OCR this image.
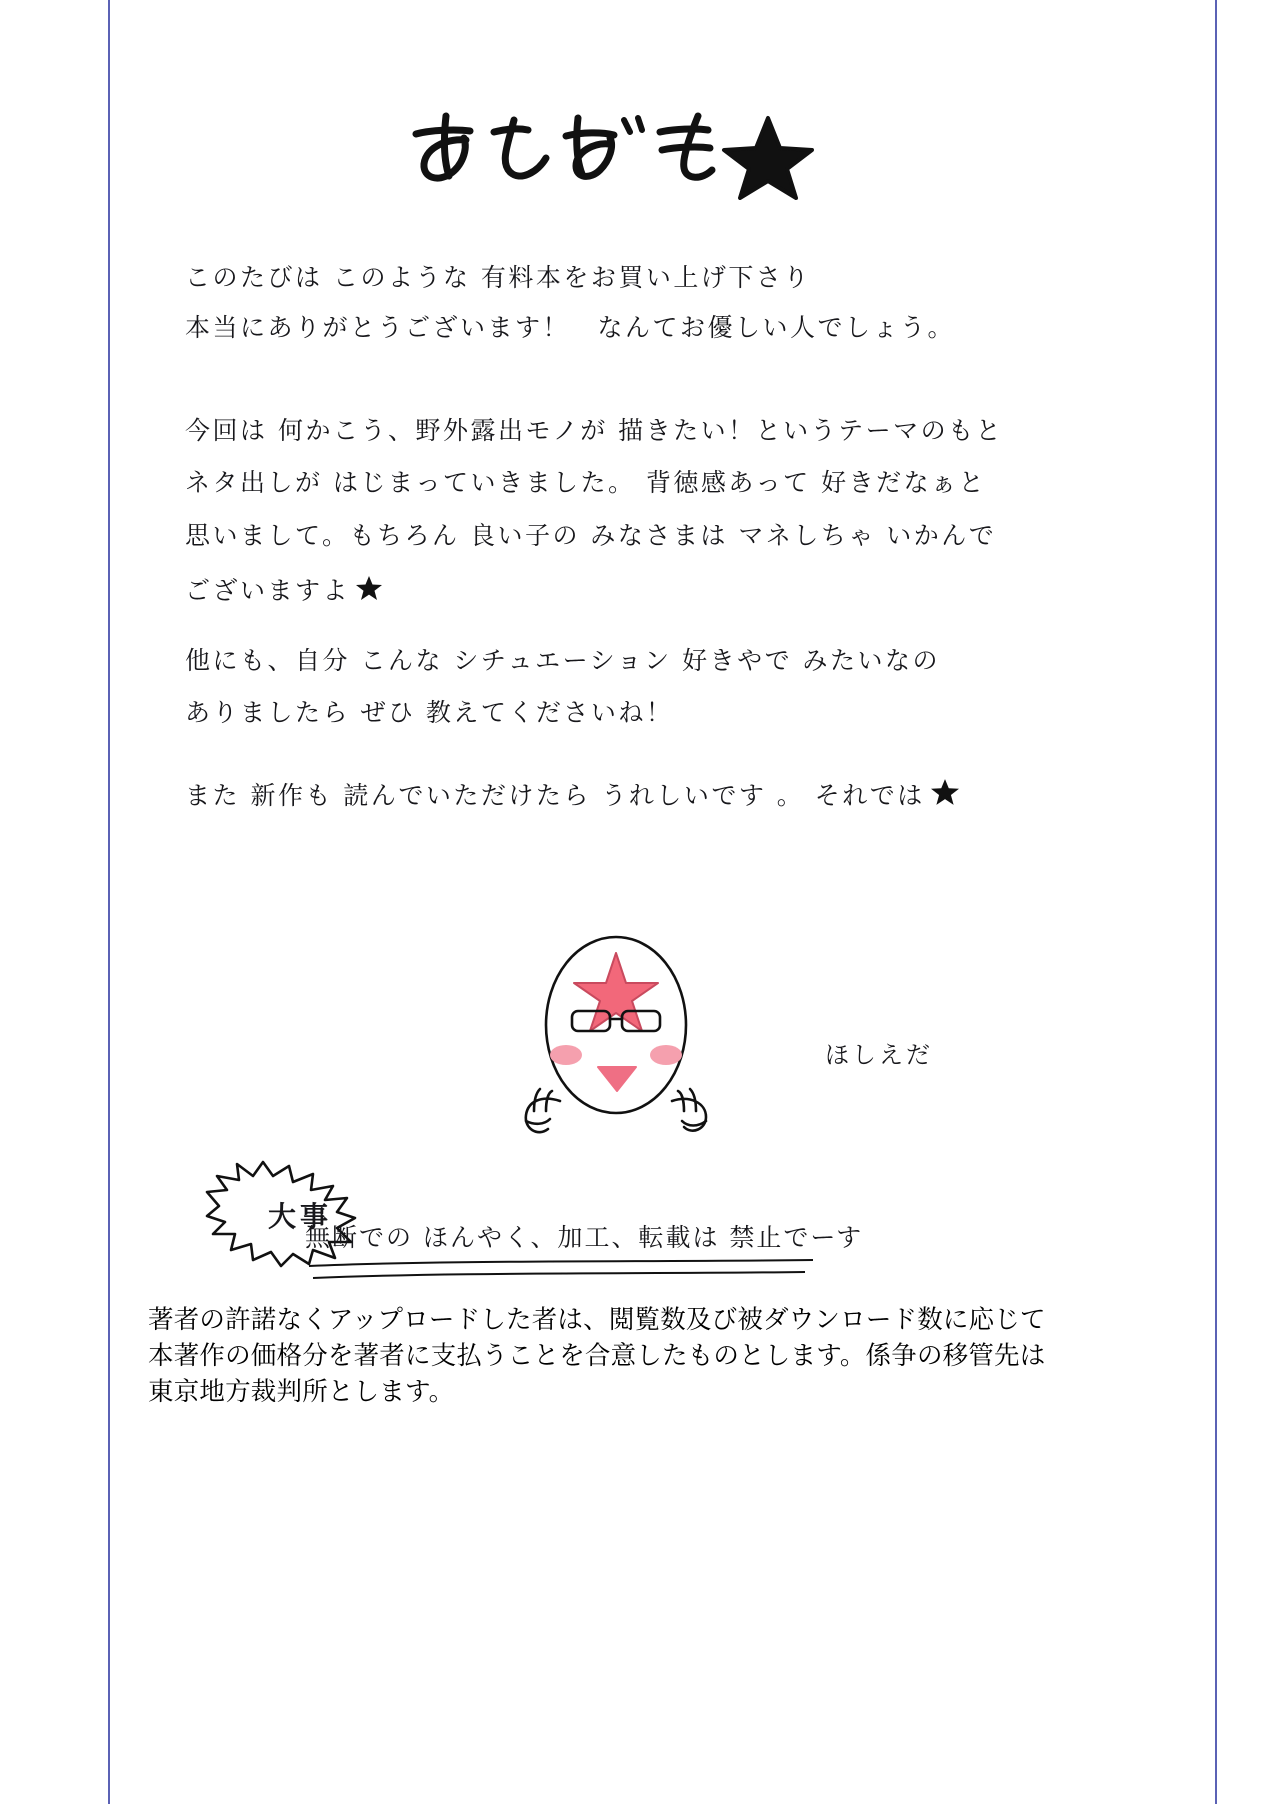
このたびは このような 有料本をお買い上げ下さり
本当にありがとうございます！　なんてお優しい人でしょう。
今回は 何かこう、野外露出モノが 描きたい！というテーマのもと
ネタ出しが はじまっていきました。 背徳感あって 好きだなぁと
思いまして。もちろん 良い子の みなさまは マネしちゃ いかんで
ございますよ
他にも、自分 こんな シチュエーション 好きやで みたいなの
ありましたら ぜひ 教えてくださいね！
また 新作も 読んでいただけたら うれしいです 。 それでは
ほしえだ
大事
無断での ほんやく、加工、転載は 禁止でーす
著者の許諾なくアップロードした者は、閲覧数及び被ダウンロード数に応じて
本著作の価格分を著者に支払うことを合意したものとします。係争の移管先は
東京地方裁判所とします。
